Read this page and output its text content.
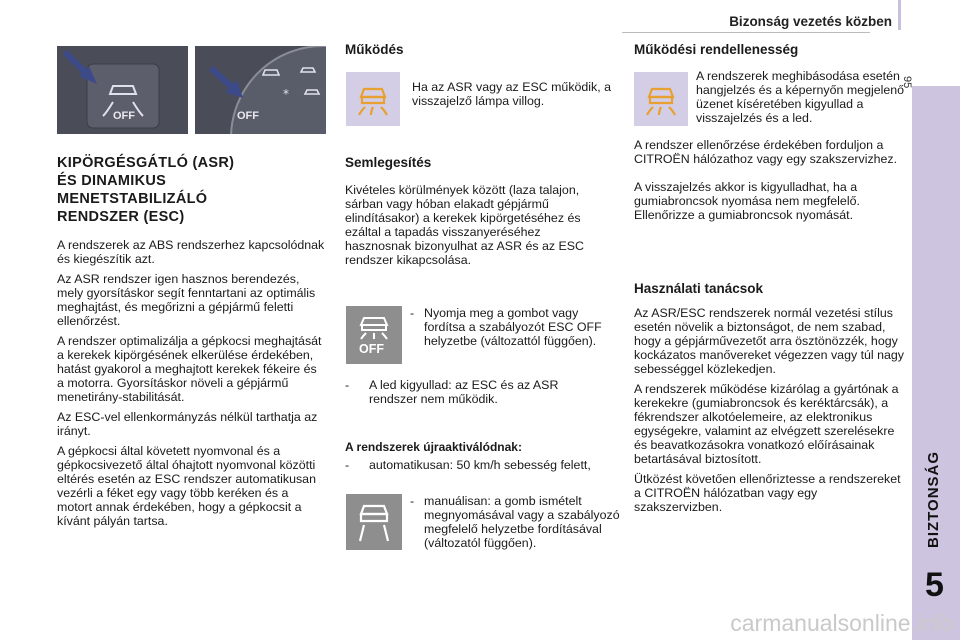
Bizonság vezetés közben
95
BIZTONSÁG
5
OFF
*
OFF
KIPÖRGÉSGÁTLÓ (ASR) ÉS DINAMIKUS MENETSTABILIZÁLÓ RENDSZER (ESC)

A rendszerek az ABS rendszerhez kapcsolódnak és kiegészítik azt.

Az ASR rendszer igen hasznos berendezés, mely gyorsításkor segít fenntartani az optimális meghajtást, és megőrizni a gépjármű feletti ellenőrzést.

A rendszer optimalizálja a gépkocsi meghajtását a kerekek kipörgésének elkerülése érdekében, hatást gyakorol a meghajtott kerekek fékeire és a motorra. Gyorsításkor növeli a gépjármű menetirány-stabilitását.

Az ESC-vel ellenkormányzás nélkül tarthatja az irányt.

A gépkocsi által követett nyomvonal és a gépkocsivezető által óhajtott nyomvonal közötti eltérés esetén az ESC rendszer automatikusan vezérli a féket egy vagy több keréken és a motort annak érdekében, hogy a gépkocsit a kívánt pályán tartsa.

Működés
Ha az ASR vagy az ESC működik, a visszajelző lámpa villog.
Semlegesítés
Kivételes körülmények között (laza talajon, sárban vagy hóban elakadt gépjármű elindításakor) a kerekek kipörgetéséhez és ezáltal a tapadás visszanyeréséhez hasznosnak bizonyulhat az ASR és az ESC rendszer kikapcsolása.
OFF
- Nyomja meg a gombot vagy fordítsa a szabályozót ESC OFF helyzetbe (változattól függően).
-	A led kigyullad: az ESC és az ASR rendszer nem működik.
A rendszerek újraaktiválódnak:
-	automatikusan: 50 km/h sebesség felett,
- manuálisan: a gomb ismételt megnyomásával vagy a szabályozó megfelelő helyzetbe fordításával (változatól függően).
Működési rendellenesség
A rendszerek meghibásodása esetén hangjelzés és a képernyőn megjelenő üzenet kíséretében kigyullad a visszajelzés és a led.
A rendszer ellenőrzése érdekében forduljon a CITROËN hálózathoz vagy egy szakszervizhez.
A visszajelzés akkor is kigyulladhat, ha a gumiabroncsok nyomása nem megfelelő. Ellenőrizze a gumiabroncsok nyomását.
Használati tanácsok

Az ASR/ESC rendszerek normál vezetési stílus esetén növelik a biztonságot, de nem szabad, hogy a gépjárművezetőt arra ösztönözzék, hogy kockázatos manővereket végezzen vagy túl nagy sebességgel közlekedjen.

A rendszerek működése kizárólag a gyártónak a kerekekre (gumiabroncsok és keréktárcsák), a fékrendszer alkotóelemeire, az elektronikus egységekre, valamint az elvégzett szerelésekre és beavatkozásokra vonatkozó előírásainak betartásával biztosított.

Ütközést követően ellenőriztesse a rendszereket a CITROËN hálózatban vagy egy szakszervizben.

carmanualsonline.info
